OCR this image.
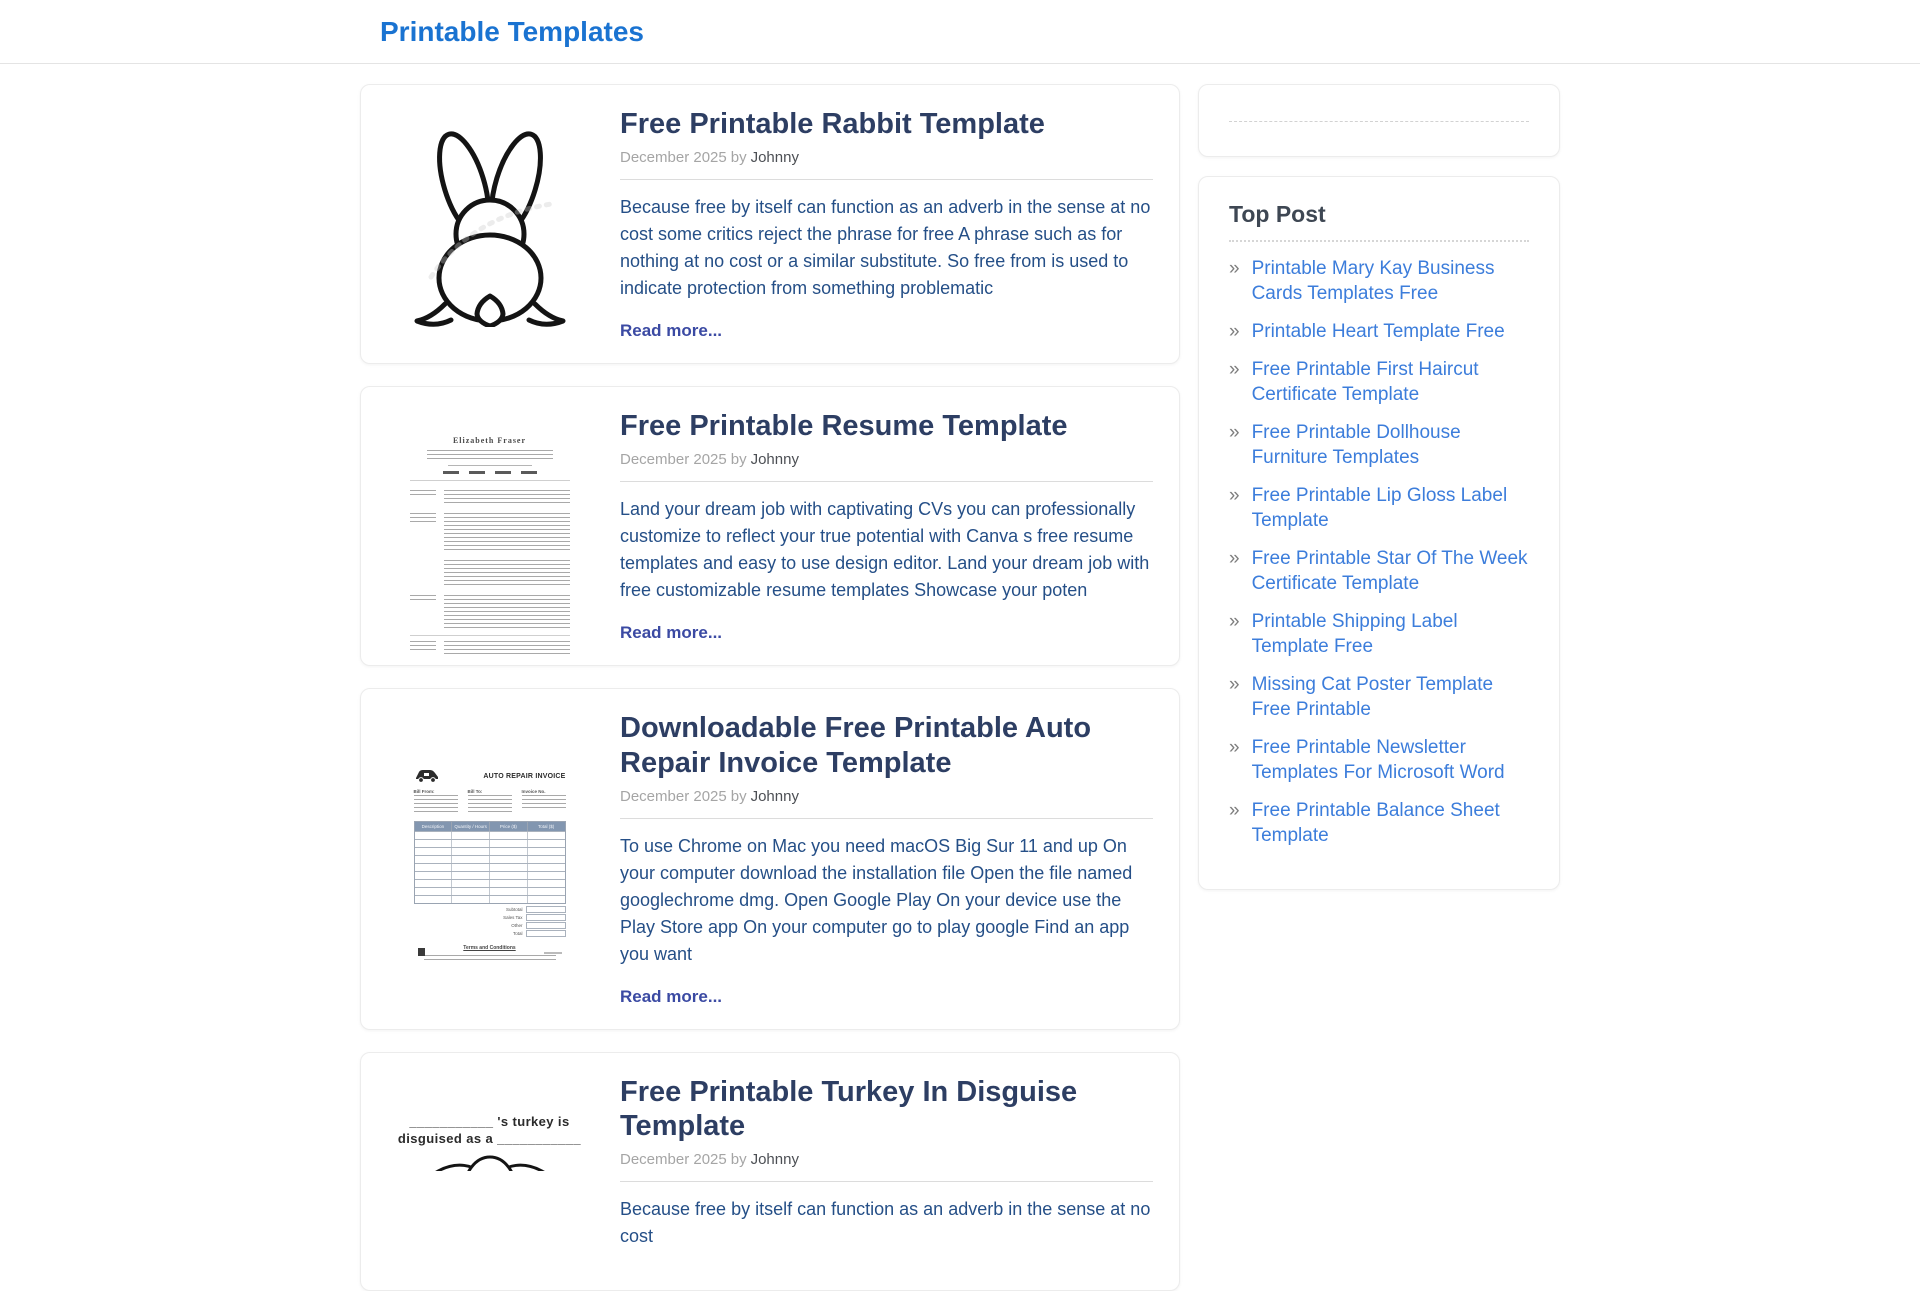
Printable Templates
Free Printable Rabbit Template
December 2025 by Johnny

Because free by itself can function as an adverb in the sense at no cost some critics reject the phrase for free A phrase such as for nothing at no cost or a similar substitute. So free from is used to indicate protection from something problematic

Read more...
Elizabeth Fraser	Free Printable Resume Template
December 2025 by Johnny

Land your dream job with captivating CVs you can professionally customize to reflect your true potential with Canva s free resume templates and easy to use design editor. Land your dream job with free customizable resume templates Showcase your poten

Read more...
AUTO REPAIR INVOICE
Bill From:	Bill To:	Invoice No.
Description	Quantity / Hours	Price ($)	Total ($)
Subtotal
Sales Tax
Other
Total
Terms and Conditions
Downloadable Free Printable Auto Repair Invoice Template
December 2025 by Johnny

To use Chrome on Mac you need macOS Big Sur 11 and up On your computer download the installation file Open the file named googlechrome dmg. Open Google Play On your device use the Play Store app On your computer go to play google Find an app you want

Read more...
___________ 's turkey is
disguised as a ___________
Free Printable Turkey In Disguise Template
December 2025 by Johnny

Because free by itself can function as an adverb in the sense at no cost

Top Post
» Printable Mary Kay Business Cards Templates Free
» Printable Heart Template Free
» Free Printable First Haircut Certificate Template
» Free Printable Dollhouse Furniture Templates
» Free Printable Lip Gloss Label Template
» Free Printable Star Of The Week Certificate Template
» Printable Shipping Label Template Free
» Missing Cat Poster Template Free Printable
» Free Printable Newsletter Templates For Microsoft Word
» Free Printable Balance Sheet Template
